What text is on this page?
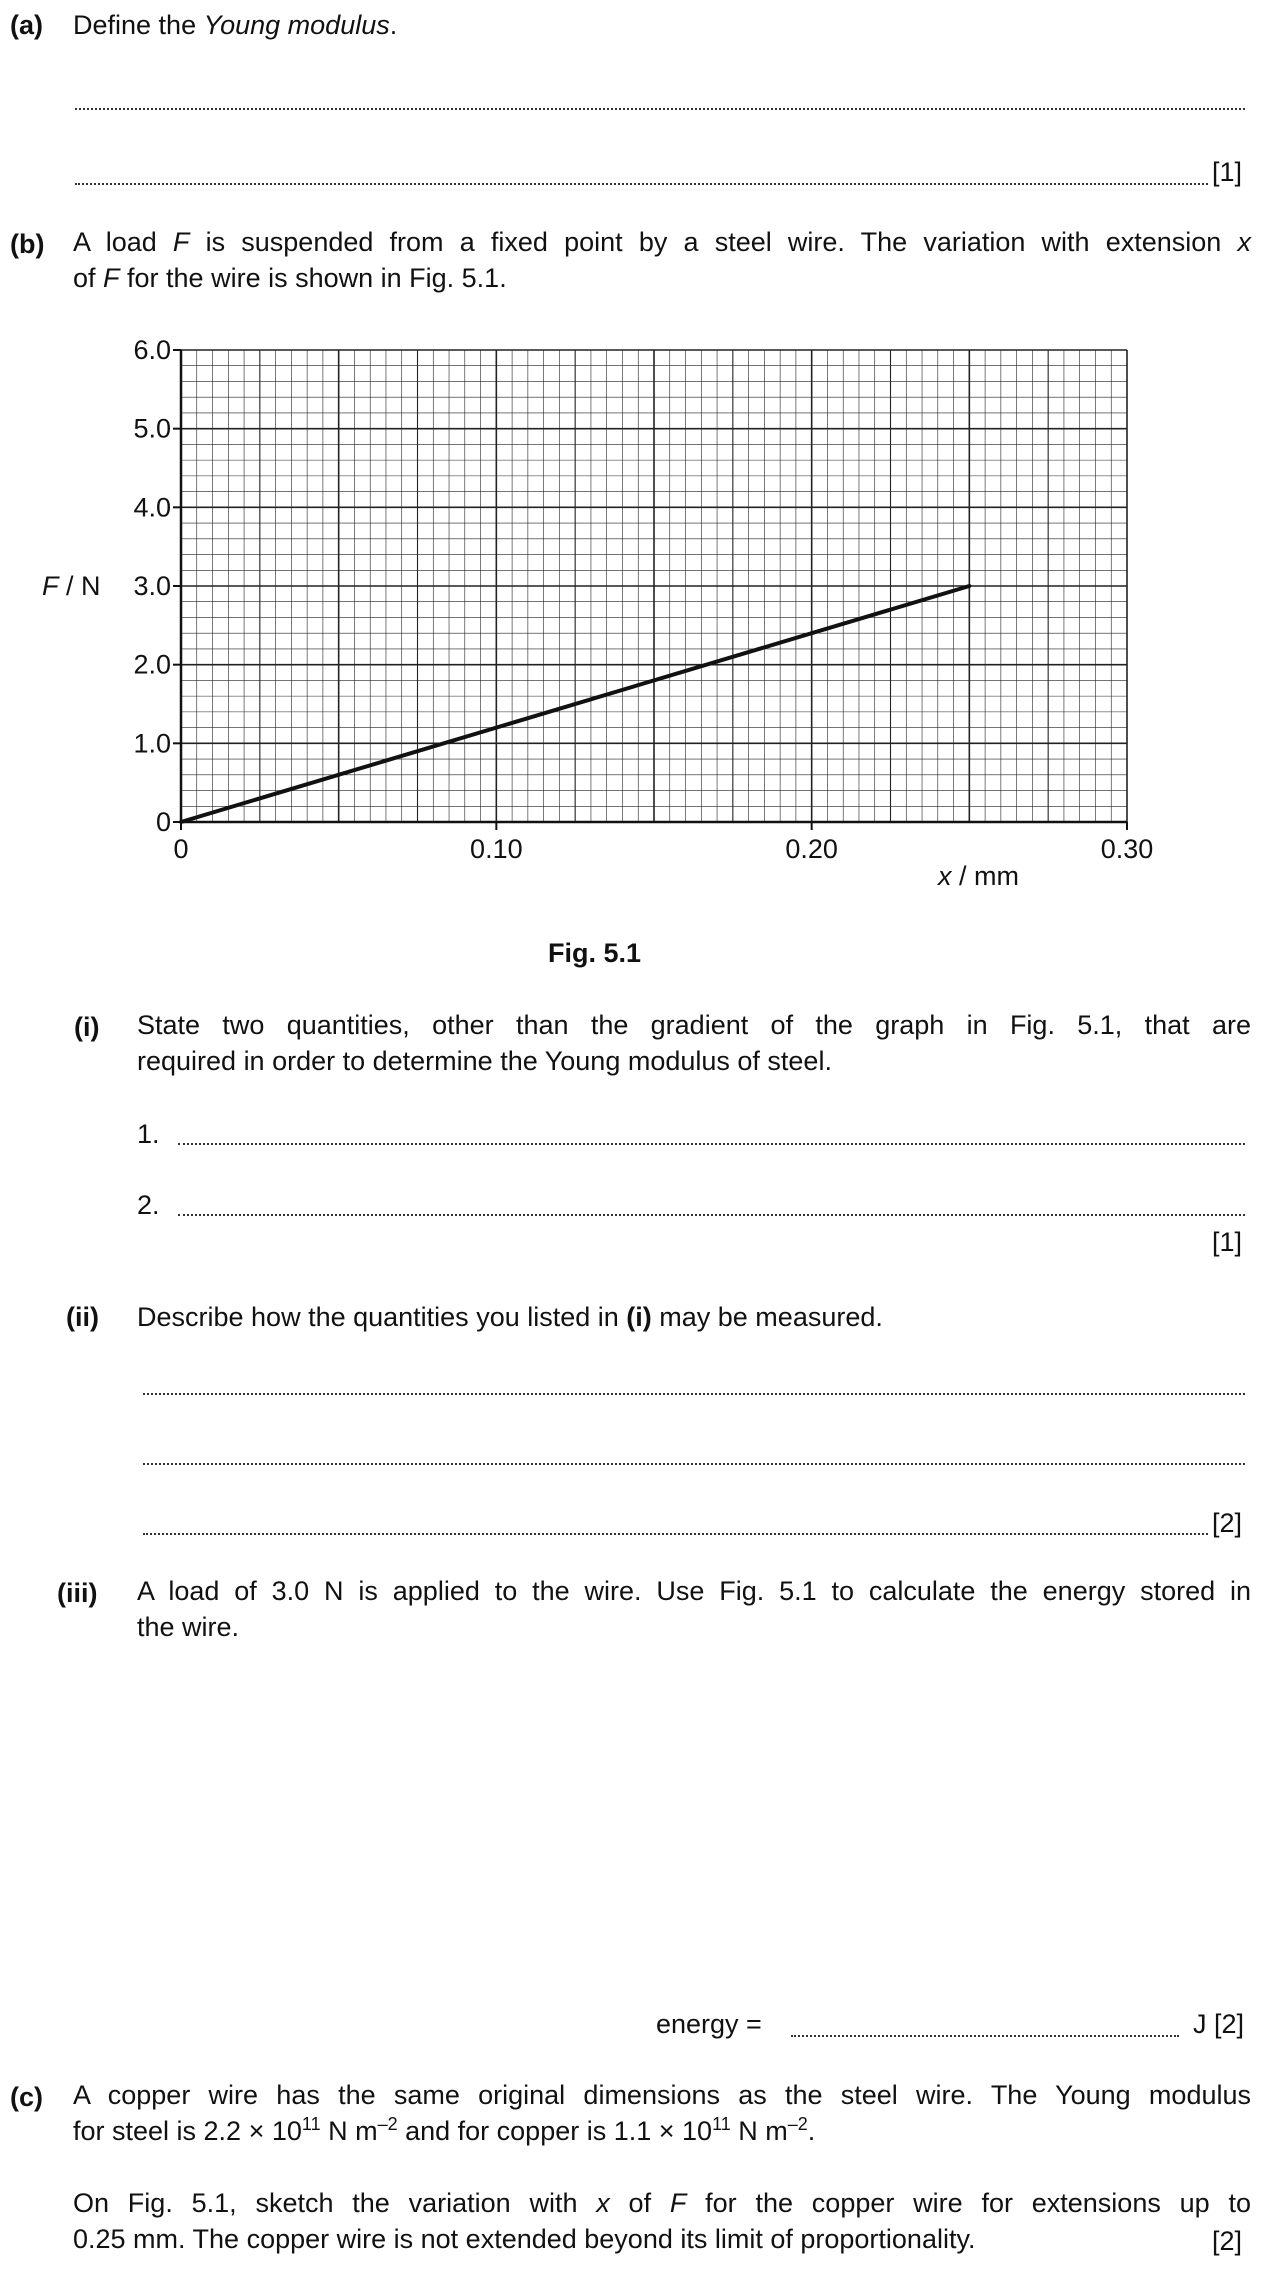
(a) Define the Young modulus.
[1]
(b) A load F is suspended from a fixed point by a steel wire. The variation with extension x
of F for the wire is shown in Fig. 5.1.
0
1.0
2.0
3.0
4.0
5.0
6.0
0	0.10	0.20	0.30
F / N
x / mm
Fig. 5.1
(i) State two quantities, other than the gradient of the graph in Fig. 5.1, that are
required in order to determine the Young modulus of steel.
1.
2.
[1]
(ii) Describe how the quantities you listed in (i) may be measured.
[2]
(iii) A load of 3.0 N is applied to the wire. Use Fig. 5.1 to calculate the energy stored in
the wire.
energy =	J [2]
(c) A copper wire has the same original dimensions as the steel wire. The Young modulus
for steel is $2.2 \times 10^{11}$ N $m^{-2}$ and for copper is $1.1 \times 10^{11}$ N $m^{-2}$.
On Fig. 5.1, sketch the variation with x of F for the copper wire for extensions up to
0.25 mm. The copper wire is not extended beyond its limit of proportionality.	[2]
